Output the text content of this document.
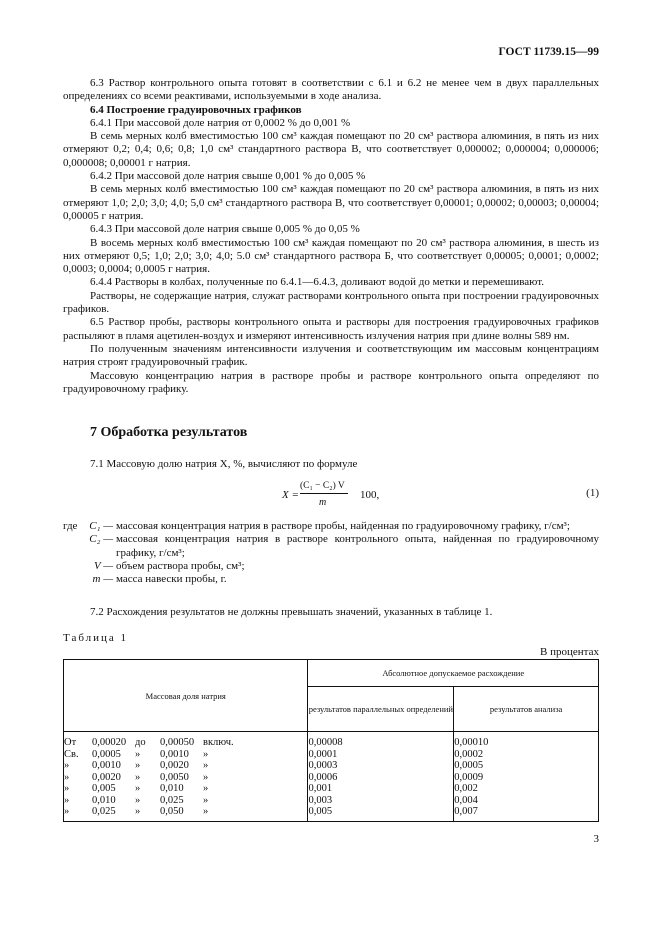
ГОСТ 11739.15—99

6.3 Раствор контрольного опыта готовят в соответствии с 6.1 и 6.2 не менее чем в двух параллельных определениях со всеми реактивами, используемыми в ходе анализа.

6.4 Построение градуировочных графиков

6.4.1 При массовой доле натрия от 0,0002 % до 0,001 %

В семь мерных колб вместимостью 100 см³ каждая помещают по 20 см³ раствора алюминия, в пять из них отмеряют 0,2; 0,4; 0,6; 0,8; 1,0 см³ стандартного раствора В, что соответствует 0,000002; 0,000004; 0,000006; 0,000008; 0,00001 г натрия.

6.4.2 При массовой доле натрия свыше 0,001 % до 0,005 %

В семь мерных колб вместимостью 100 см³ каждая помещают по 20 см³ раствора алюминия, в пять из них отмеряют 1,0; 2,0; 3,0; 4,0; 5,0 см³ стандартного раствора В, что соответствует 0,00001; 0,00002; 0,00003; 0,00004; 0,00005 г натрия.

6.4.3 При массовой доле натрия свыше 0,005 % до 0,05 %

В восемь мерных колб вместимостью 100 см³ каждая помещают по 20 см³ раствора алюминия, в шесть из них отмеряют 0,5; 1,0; 2,0; 3,0; 4,0; 5.0 см³ стандартного раствора Б, что соответствует 0,00005; 0,0001; 0,0002; 0,0003; 0,0004; 0,0005 г натрия.

6.4.4 Растворы в колбах, полученные по 6.4.1—6.4.3, доливают водой до метки и перемешивают.

Растворы, не содержащие натрия, служат растворами контрольного опыта при построении градуировочных графиков.

6.5 Раствор пробы, растворы контрольного опыта и растворы для построения градуировочных графиков распыляют в пламя ацетилен-воздух и измеряют интенсивность излучения натрия при длине волны 589 нм.

По полученным значениям интенсивности излучения и соответствующим им массовым концентрациям натрия строят градуировочный график.

Массовую концентрацию натрия в растворе пробы и растворе контрольного опыта определяют по градуировочному графику.

7 Обработка результатов
7.1 Массовую долю натрия X, %, вычисляют по формуле
X =
(C₁ − C₂) V
m
100,	(1)
где	C₁ — массовая концентрация натрия в растворе пробы, найденная по градуировочному графику, г/см³;
C₂ — массовая концентрация натрия в растворе контрольного опыта, найденная по градуировочному графику, г/см³;
V — объем раствора пробы, см³;
m — масса навески пробы, г.
7.2 Расхождения результатов не должны превышать значений, указанных в таблице 1.
Таблица 1
В процентах
Массовая доля натрия	Абсолютное допускаемое расхождение	
	результатов параллельных определений	результатов анализа
От 0,00020 до 0,00050 включ.	0,00008	0,00010
Св. 0,0005 » 0,0010 »	0,0001	0,0002
» 0,0010 » 0,0020 »	0,0003	0,0005
» 0,0020 » 0,0050 »	0,0006	0,0009
» 0,005 » 0,010 »	0,001	0,002
» 0,010 » 0,025 »	0,003	0,004
» 0,025 » 0,050 »	0,005	0,007
3
